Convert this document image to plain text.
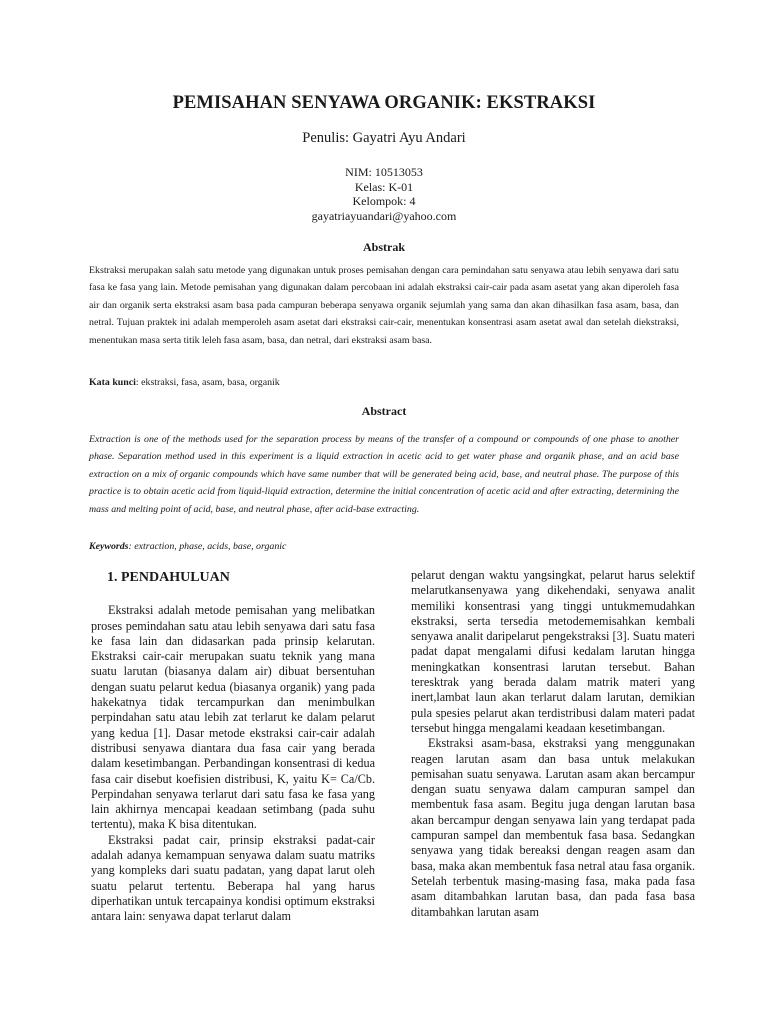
PEMISAHAN SENYAWA ORGANIK: EKSTRAKSI
Penulis: Gayatri Ayu Andari
NIM: 10513053
Kelas: K-01
Kelompok: 4
gayatriayuandari@yahoo.com
Abstrak
Ekstraksi merupakan salah satu metode yang digunakan untuk proses pemisahan dengan cara pemindahan satu senyawa atau lebih senyawa dari satu fasa ke fasa yang lain. Metode pemisahan yang digunakan dalam percobaan ini adalah ekstraksi cair-cair pada asam asetat yang akan diperoleh fasa air dan organik serta ekstraksi asam basa pada campuran beberapa senyawa organik sejumlah yang sama dan akan dihasilkan fasa asam, basa, dan netral. Tujuan praktek ini adalah memperoleh asam asetat dari ekstraksi cair-cair, menentukan konsentrasi asam asetat awal dan setelah diekstraksi, menentukan masa serta titik leleh fasa asam, basa, dan netral, dari ekstraksi asam basa.
Kata kunci: ekstraksi, fasa, asam, basa, organik
Abstract
Extraction is one of the methods used for the separation process by means of the transfer of a compound or compounds of one phase to another phase. Separation method used in this experiment is a liquid extraction in acetic acid to get water phase and organik phase, and an acid base extraction on a mix of organic compounds which have same number that will be generated being acid, base, and neutral phase. The purpose of this practice is to obtain acetic acid from liquid-liquid extraction, determine the initial concentration of acetic acid and after extracting, determining the mass and melting point of acid, base, and neutral phase, after acid-base extracting.
Keywords: extraction, phase, acids, base, organic
1. PENDAHULUAN

Ekstraksi adalah metode pemisahan yang melibatkan proses pemindahan satu atau lebih senyawa dari satu fasa ke fasa lain dan didasarkan pada prinsip kelarutan. Ekstraksi cair-cair merupakan suatu teknik yang mana suatu larutan (biasanya dalam air) dibuat bersentuhan dengan suatu pelarut kedua (biasanya organik) yang pada hakekatnya tidak tercampurkan dan menimbulkan perpindahan satu atau lebih zat terlarut ke dalam pelarut yang kedua [1]. Dasar metode ekstraksi cair-cair adalah distribusi senyawa diantara dua fasa cair yang berada dalam kesetimbangan. Perbandingan konsentrasi di kedua fasa cair disebut koefisien distribusi, K, yaitu K= Ca/Cb. Perpindahan senyawa terlarut dari satu fasa ke fasa yang lain akhirnya mencapai keadaan setimbang (pada suhu tertentu), maka K bisa ditentukan.

Ekstraksi padat cair, prinsip ekstraksi padat-cair adalah adanya kemampuan senyawa dalam suatu matriks yang kompleks dari suatu padatan, yang dapat larut oleh suatu pelarut tertentu. Beberapa hal yang harus diperhatikan untuk tercapainya kondisi optimum ekstraksi antara lain: senyawa dapat terlarut dalam

pelarut dengan waktu yangsingkat, pelarut harus selektif melarutkansenyawa yang dikehendaki, senyawa analit memiliki konsentrasi yang tinggi untukmemudahkan ekstraksi, serta tersedia metodememisahkan kembali senyawa analit daripelarut pengekstraksi [3]. Suatu materi padat dapat mengalami difusi kedalam larutan hingga meningkatkan konsentrasi larutan tersebut. Bahan teresktrak yang berada dalam matrik materi yang inert,lambat laun akan terlarut dalam larutan, demikian pula spesies pelarut akan terdistribusi dalam materi padat tersebut hingga mengalami keadaan kesetimbangan.

Ekstraksi asam-basa, ekstraksi yang menggunakan reagen larutan asam dan basa untuk melakukan pemisahan suatu senyawa. Larutan asam akan bercampur dengan suatu senyawa dalam campuran sampel dan membentuk fasa asam. Begitu juga dengan larutan basa akan bercampur dengan senyawa lain yang terdapat pada campuran sampel dan membentuk fasa basa. Sedangkan senyawa yang tidak bereaksi dengan reagen asam dan basa, maka akan membentuk fasa netral atau fasa organik. Setelah terbentuk masing-masing fasa, maka pada fasa asam ditambahkan larutan basa, dan pada fasa basa ditambahkan larutan asam
